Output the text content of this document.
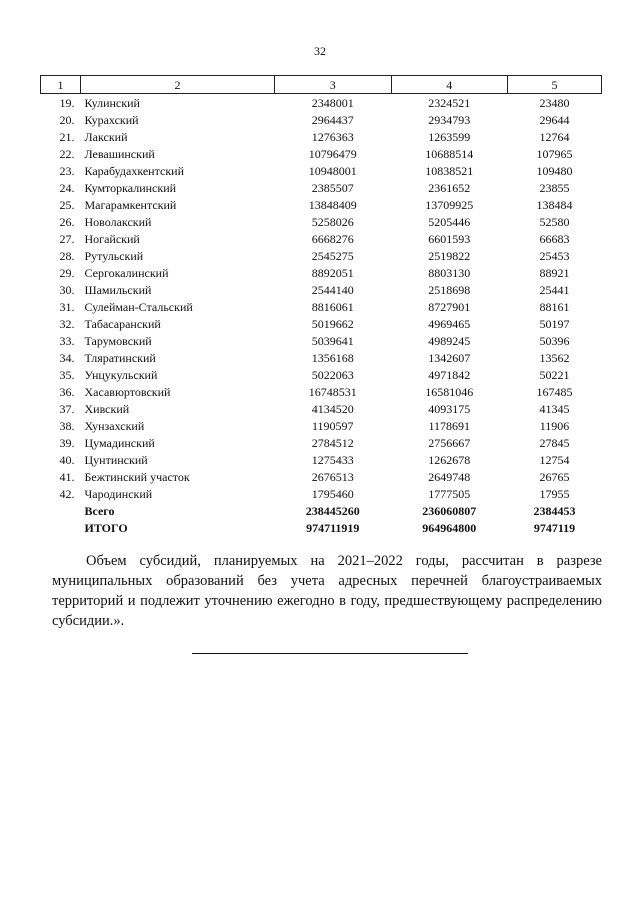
32
1	2	3	4	5
19.	Кулинский	2348001	2324521	23480
20.	Курахский	2964437	2934793	29644
21.	Лакский	1276363	1263599	12764
22.	Левашинский	10796479	10688514	107965
23.	Карабудахкентский	10948001	10838521	109480
24.	Кумторкалинский	2385507	2361652	23855
25.	Магарамкентский	13848409	13709925	138484
26.	Новолакский	5258026	5205446	52580
27.	Ногайский	6668276	6601593	66683
28.	Рутульский	2545275	2519822	25453
29.	Сергокалинский	8892051	8803130	88921
30.	Шамильский	2544140	2518698	25441
31.	Сулейман-Стальский	8816061	8727901	88161
32.	Табасаранский	5019662	4969465	50197
33.	Тарумовский	5039641	4989245	50396
34.	Тляратинский	1356168	1342607	13562
35.	Унцукульский	5022063	4971842	50221
36.	Хасавюртовский	16748531	16581046	167485
37.	Хивский	4134520	4093175	41345
38.	Хунзахский	1190597	1178691	11906
39.	Цумадинский	2784512	2756667	27845
40.	Цунтинский	1275433	1262678	12754
41.	Бежтинский участок	2676513	2649748	26765
42.	Чародинский	1795460	1777505	17955
	Всего	238445260	236060807	2384453
	ИТОГО	974711919	964964800	9747119
Объем субсидий, планируемых на 2021–2022 годы, рассчитан в разрезе муниципальных образований без учета адресных перечней благоустраиваемых территорий и подлежит уточнению ежегодно в году, предшествующему распределению субсидии.».
